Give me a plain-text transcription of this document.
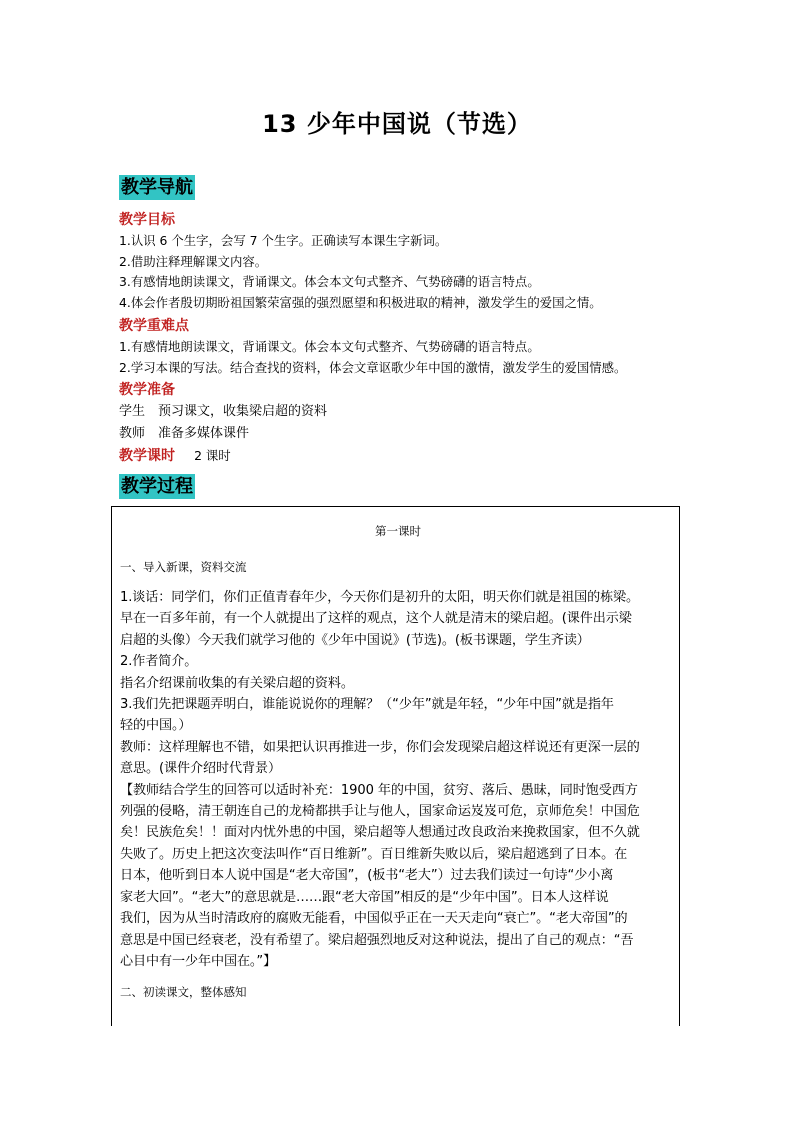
13 少年中国说（节选）
教学导航
教学目标
1.认识 6 个生字，会写 7 个生字。正确读写本课生字新词。
2.借助注释理解课文内容。
3.有感情地朗读课文，背诵课文。体会本文句式整齐、气势磅礴的语言特点。
4.体会作者殷切期盼祖国繁荣富强的强烈愿望和积极进取的精神，激发学生的爱国之情。
教学重难点
1.有感情地朗读课文，背诵课文。体会本文句式整齐、气势磅礴的语言特点。
2.学习本课的写法。结合查找的资料，体会文章讴歌少年中国的激情，激发学生的爱国情感。
教学准备
学生　预习课文，收集梁启超的资料
教师　准备多媒体课件
教学课时 2 课时
教学过程
第一课时
一、导入新课，资料交流
1.谈话：同学们，你们正值青春年少，今天你们是初升的太阳，明天你们就是祖国的栋梁。
早在一百多年前，有一个人就提出了这样的观点，这个人就是清末的梁启超。(课件出示梁
启超的头像）今天我们就学习他的《少年中国说》(节选)。(板书课题，学生齐读）
2.作者简介。
指名介绍课前收集的有关梁启超的资料。
3.我们先把课题弄明白，谁能说说你的理解？（“少年”就是年轻，“少年中国”就是指年
轻的中国。）
教师：这样理解也不错，如果把认识再推进一步，你们会发现梁启超这样说还有更深一层的
意思。(课件介绍时代背景）
【教师结合学生的回答可以适时补充：1900 年的中国，贫穷、落后、愚昧，同时饱受西方
列强的侵略，清王朝连自己的龙椅都拱手让与他人，国家命运岌岌可危，京师危矣！中国危
矣！民族危矣！！面对内忧外患的中国，梁启超等人想通过改良政治来挽救国家，但不久就
失败了。历史上把这次变法叫作“百日维新”。百日维新失败以后，梁启超逃到了日本。在
日本，他听到日本人说中国是“老大帝国”，(板书“老大”）过去我们读过一句诗“少小离
家老大回”。“老大”的意思就是……跟“老大帝国”相反的是“少年中国”。日本人这样说
我们，因为从当时清政府的腐败无能看，中国似乎正在一天天走向“衰亡”。“老大帝国”的
意思是中国已经衰老，没有希望了。梁启超强烈地反对这种说法，提出了自己的观点：“吾
心目中有一少年中国在。”】
二、初读课文，整体感知
